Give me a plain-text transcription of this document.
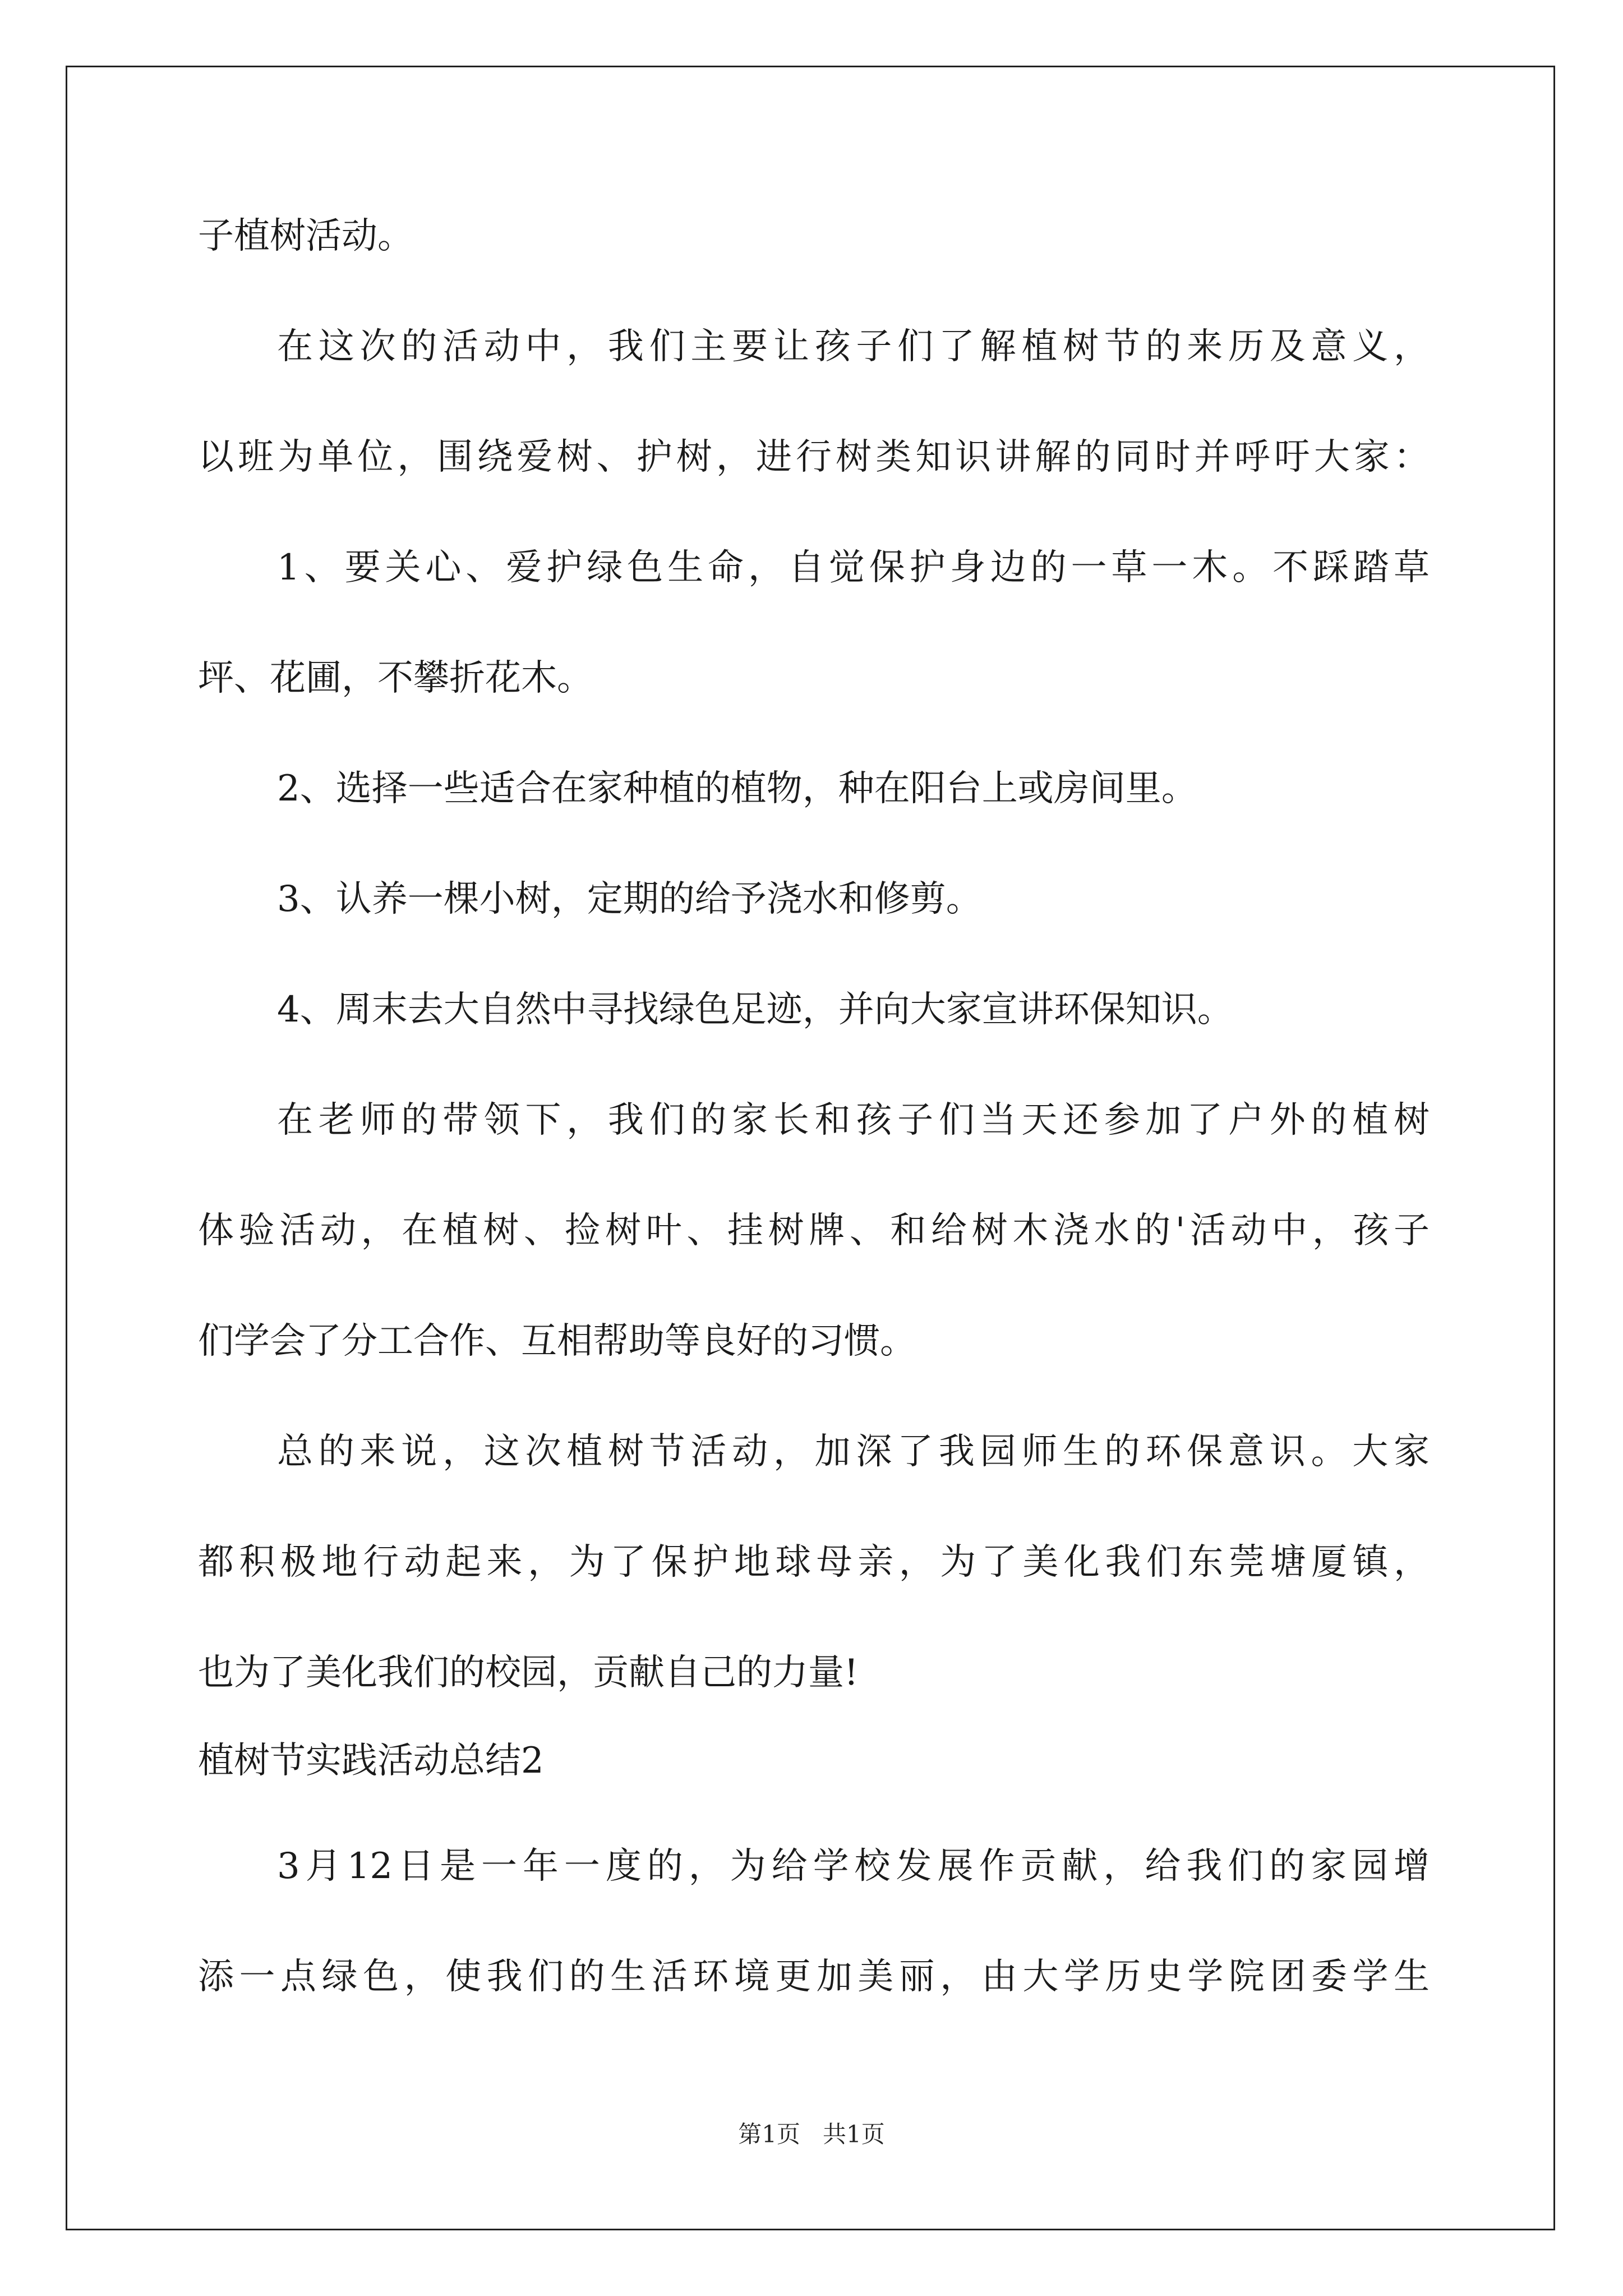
子植树活动。
在这次的活动中，我们主要让孩子们了解植树节的来历及意义，
以班为单位，围绕爱树、护树，进行树类知识讲解的同时并呼吁大家：
1、要关心、爱护绿色生命，自觉保护身边的一草一木。不踩踏草
坪、花圃，不攀折花木。
2、选择一些适合在家种植的植物，种在阳台上或房间里。
3、认养一棵小树，定期的给予浇水和修剪。
4、周末去大自然中寻找绿色足迹，并向大家宣讲环保知识。
在老师的带领下，我们的家长和孩子们当天还参加了户外的植树
体验活动，在植树、捡树叶、挂树牌、和给树木浇水的'活动中，孩子
们学会了分工合作、互相帮助等良好的习惯。
总的来说，这次植树节活动，加深了我园师生的环保意识。大家
都积极地行动起来，为了保护地球母亲，为了美化我们东莞塘厦镇，
也为了美化我们的校园，贡献自己的力量!
植树节实践活动总结2
3月12日是一年一度的，为给学校发展作贡献，给我们的家园增
添一点绿色，使我们的生活环境更加美丽，由大学历史学院团委学生
第1页 共1页
